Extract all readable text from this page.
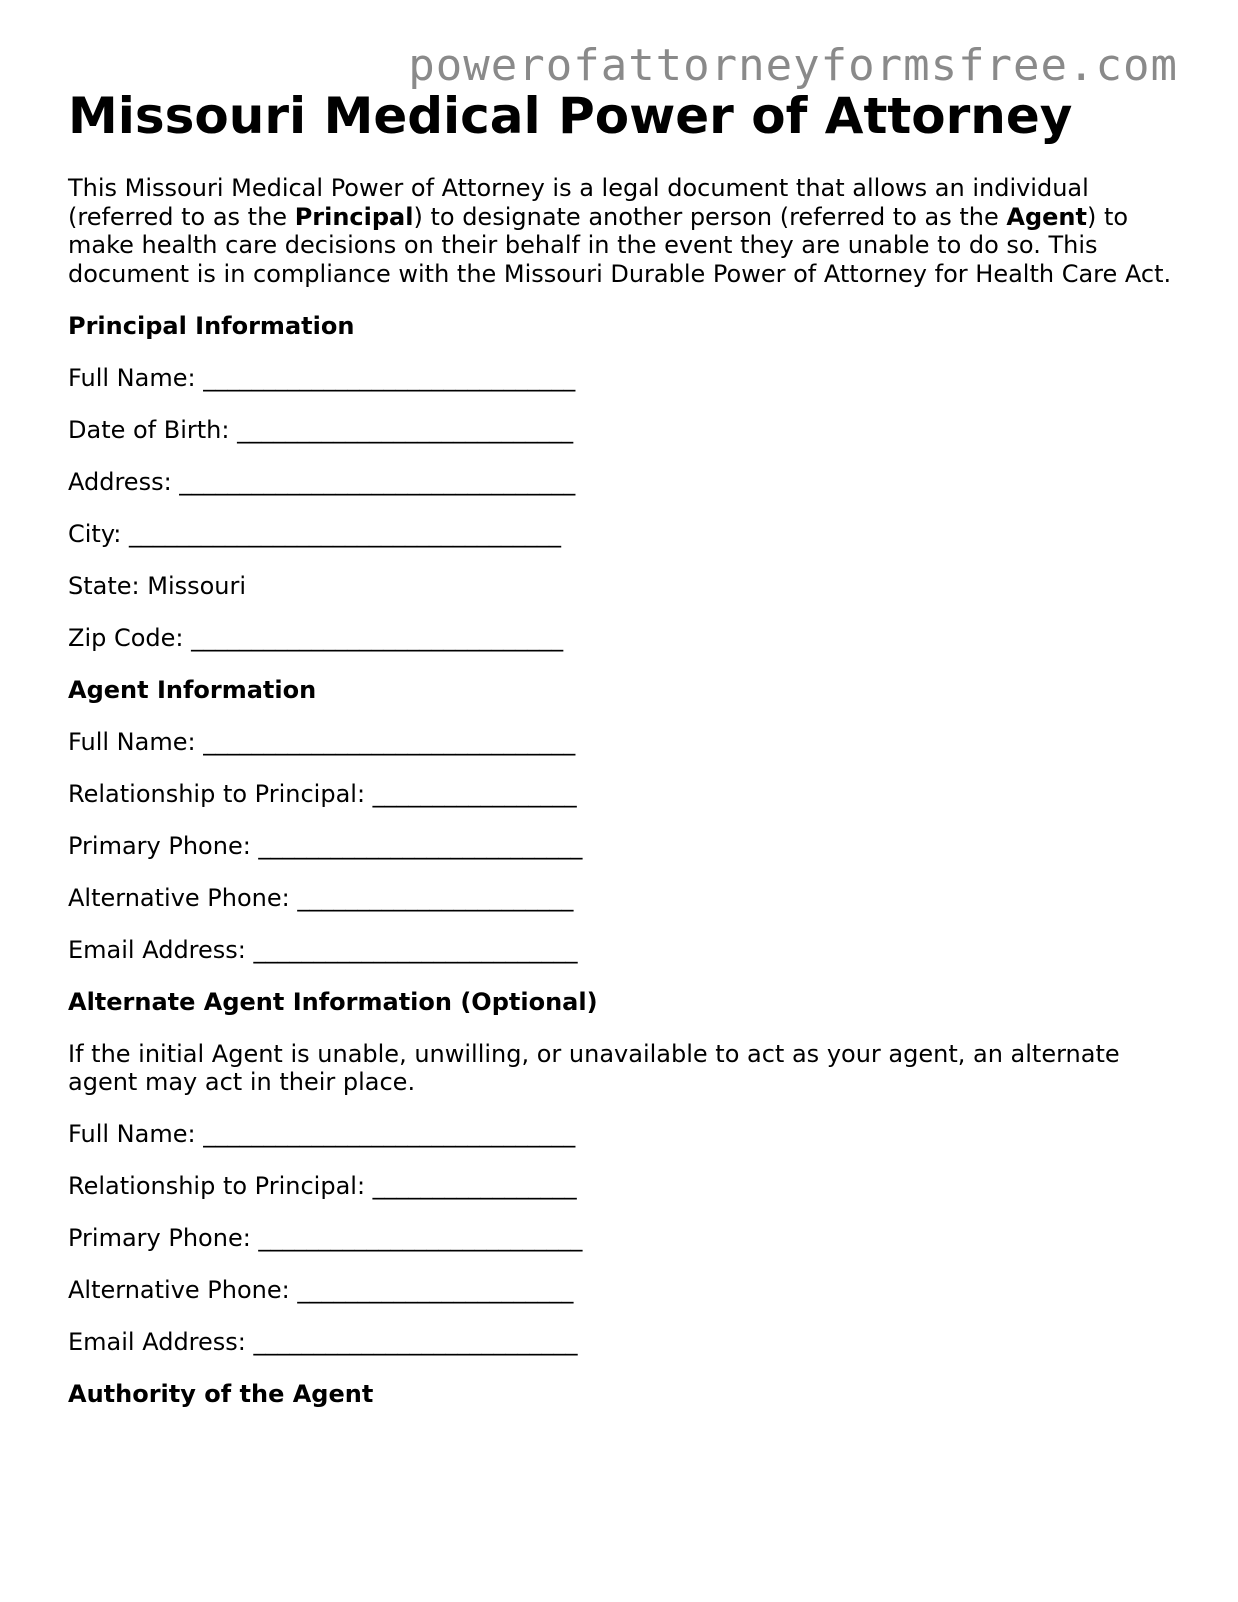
powerofattorneyformsfree.com
Missouri Medical Power of Attorney

This Missouri Medical Power of Attorney is a legal document that allows an individual (referred to as the Principal) to designate another person (referred to as the Agent) to make health care decisions on their behalf in the event they are unable to do so. This document is in compliance with the Missouri Durable Power of Attorney for Health Care Act.

Principal Information

Full Name: _______________________________

Date of Birth: ____________________________

Address: _________________________________

City: ____________________________________

State: Missouri

Zip Code: _______________________________

Agent Information

Full Name: _______________________________

Relationship to Principal: _________________

Primary Phone: ___________________________

Alternative Phone: _______________________

Email Address: ___________________________

Alternate Agent Information (Optional)

If the initial Agent is unable, unwilling, or unavailable to act as your agent, an alternate agent may act in their place.

Full Name: _______________________________

Relationship to Principal: _________________

Primary Phone: ___________________________

Alternative Phone: _______________________

Email Address: ___________________________

Authority of the Agent
